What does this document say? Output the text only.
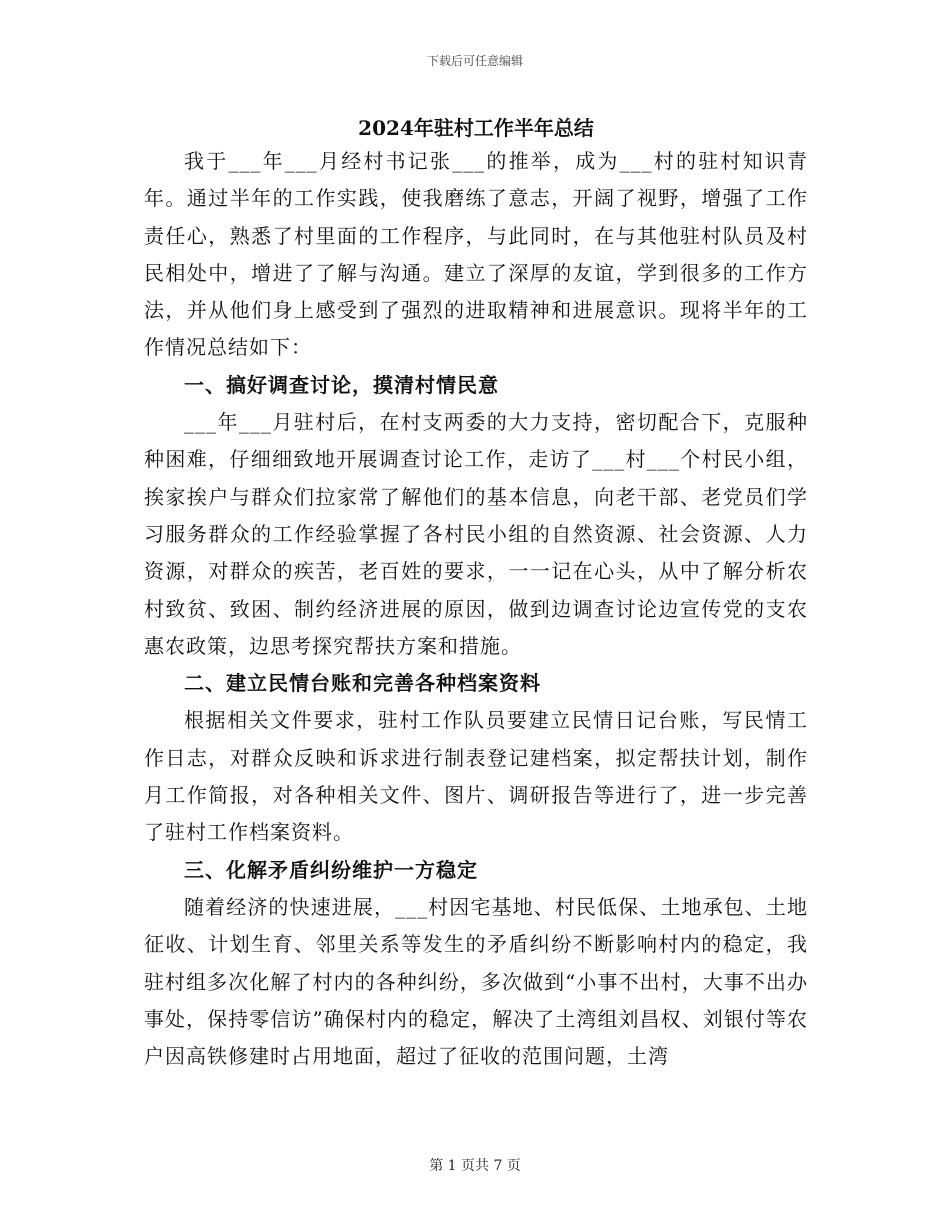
下载后可任意编辑
2024年驻村工作半年总结

我于___年___月经村书记张___的推举，成为___村的驻村知识青年。通过半年的工作实践，使我磨练了意志，开阔了视野，增强了工作责任心，熟悉了村里面的工作程序，与此同时，在与其他驻村队员及村民相处中，增进了了解与沟通。建立了深厚的友谊，学到很多的工作方法，并从他们身上感受到了强烈的进取精神和进展意识。现将半年的工作情况总结如下：

一、搞好调查讨论，摸清村情民意

___年___月驻村后，在村支两委的大力支持，密切配合下，克服种种困难，仔细细致地开展调查讨论工作，走访了___村___个村民小组，挨家挨户与群众们拉家常了解他们的基本信息，向老干部、老党员们学习服务群众的工作经验掌握了各村民小组的自然资源、社会资源、人力资源，对群众的疾苦，老百姓的要求，一一记在心头，从中了解分析农村致贫、致困、制约经济进展的原因，做到边调查讨论边宣传党的支农惠农政策，边思考探究帮扶方案和措施。

二、建立民情台账和完善各种档案资料

根据相关文件要求，驻村工作队员要建立民情日记台账，写民情工作日志，对群众反映和诉求进行制表登记建档案，拟定帮扶计划，制作月工作简报，对各种相关文件、图片、调研报告等进行了，进一步完善了驻村工作档案资料。

三、化解矛盾纠纷维护一方稳定

随着经济的快速进展，___村因宅基地、村民低保、土地承包、土地征收、计划生育、邻里关系等发生的矛盾纠纷不断影响村内的稳定，我驻村组多次化解了村内的各种纠纷，多次做到“小事不出村，大事不出办事处，保持零信访”确保村内的稳定，解决了土湾组刘昌权、刘银付等农户因高铁修建时占用地面，超过了征收的范围问题，土湾

第 1 页共 7 页
